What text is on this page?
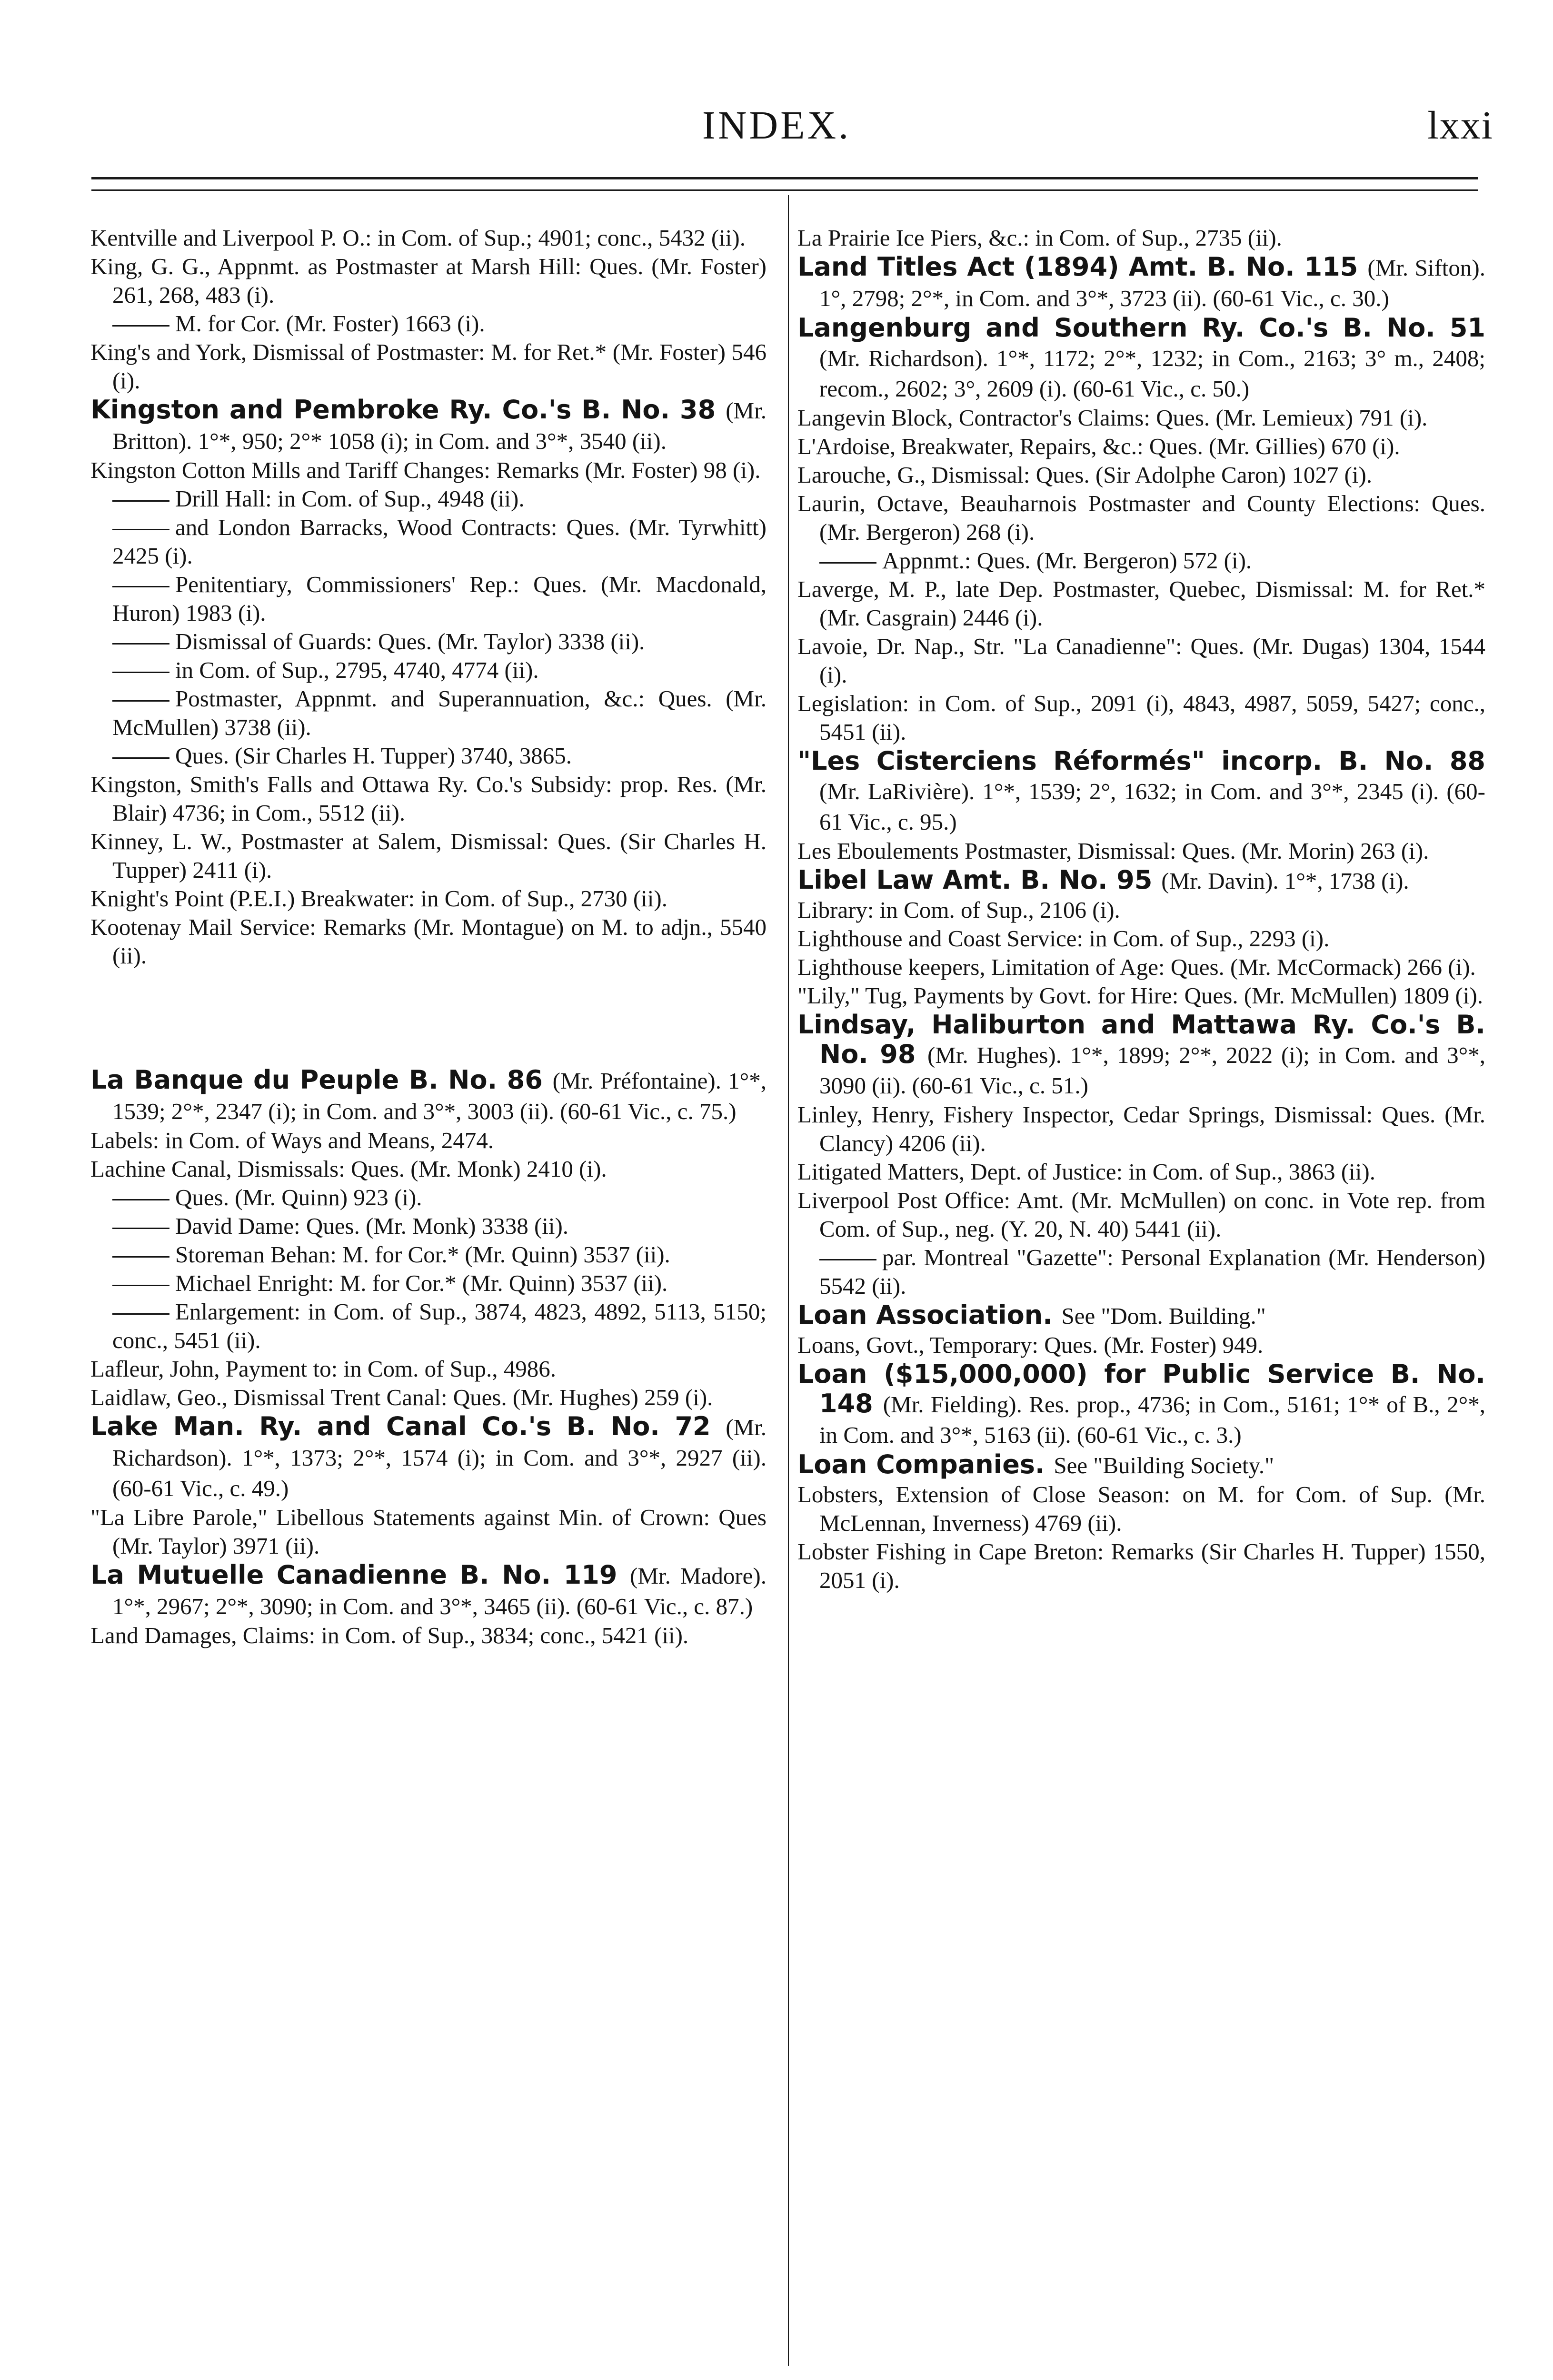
INDEX.	lxxi

Kentville and Liverpool P. O.: in Com. of Sup.; 4901; conc., 5432 (ii).

King, G. G., Appnmt. as Postmaster at Marsh Hill: Ques. (Mr. Foster) 261, 268, 483 (i).

M. for Cor. (Mr. Foster) 1663 (i).

King's and York, Dismissal of Postmaster: M. for Ret.* (Mr. Foster) 546 (i).

Kingston and Pembroke Ry. Co.'s B. No. 38 (Mr. Britton). 1°*, 950; 2°* 1058 (i); in Com. and 3°*, 3540 (ii).

Kingston Cotton Mills and Tariff Changes: Remarks (Mr. Foster) 98 (i).

Drill Hall: in Com. of Sup., 4948 (ii).

and London Barracks, Wood Contracts: Ques. (Mr. Tyrwhitt) 2425 (i).

Penitentiary, Commissioners' Rep.: Ques. (Mr. Macdonald, Huron) 1983 (i).

Dismissal of Guards: Ques. (Mr. Taylor) 3338 (ii).

in Com. of Sup., 2795, 4740, 4774 (ii).

Postmaster, Appnmt. and Superannuation, &c.: Ques. (Mr. McMullen) 3738 (ii).

Ques. (Sir Charles H. Tupper) 3740, 3865.

Kingston, Smith's Falls and Ottawa Ry. Co.'s Subsidy: prop. Res. (Mr. Blair) 4736; in Com., 5512 (ii).

Kinney, L. W., Postmaster at Salem, Dismissal: Ques. (Sir Charles H. Tupper) 2411 (i).

Knight's Point (P.E.I.) Breakwater: in Com. of Sup., 2730 (ii).

Kootenay Mail Service: Remarks (Mr. Montague) on M. to adjn., 5540 (ii).

La Banque du Peuple B. No. 86 (Mr. Préfontaine). 1°*, 1539; 2°*, 2347 (i); in Com. and 3°*, 3003 (ii). (60-61 Vic., c. 75.)

Labels: in Com. of Ways and Means, 2474.

Lachine Canal, Dismissals: Ques. (Mr. Monk) 2410 (i).

Ques. (Mr. Quinn) 923 (i).

David Dame: Ques. (Mr. Monk) 3338 (ii).

Storeman Behan: M. for Cor.* (Mr. Quinn) 3537 (ii).

Michael Enright: M. for Cor.* (Mr. Quinn) 3537 (ii).

Enlargement: in Com. of Sup., 3874, 4823, 4892, 5113, 5150; conc., 5451 (ii).

Lafleur, John, Payment to: in Com. of Sup., 4986.

Laidlaw, Geo., Dismissal Trent Canal: Ques. (Mr. Hughes) 259 (i).

Lake Man. Ry. and Canal Co.'s B. No. 72 (Mr. Richardson). 1°*, 1373; 2°*, 1574 (i); in Com. and 3°*, 2927 (ii). (60-61 Vic., c. 49.)

"La Libre Parole," Libellous Statements against Min. of Crown: Ques (Mr. Taylor) 3971 (ii).

La Mutuelle Canadienne B. No. 119 (Mr. Madore). 1°*, 2967; 2°*, 3090; in Com. and 3°*, 3465 (ii). (60-61 Vic., c. 87.)

Land Damages, Claims: in Com. of Sup., 3834; conc., 5421 (ii).

La Prairie Ice Piers, &c.: in Com. of Sup., 2735 (ii).

Land Titles Act (1894) Amt. B. No. 115 (Mr. Sifton). 1°, 2798; 2°*, in Com. and 3°*, 3723 (ii). (60-61 Vic., c. 30.)

Langenburg and Southern Ry. Co.'s B. No. 51 (Mr. Richardson). 1°*, 1172; 2°*, 1232; in Com., 2163; 3° m., 2408; recom., 2602; 3°, 2609 (i). (60-61 Vic., c. 50.)

Langevin Block, Contractor's Claims: Ques. (Mr. Lemieux) 791 (i).

L'Ardoise, Breakwater, Repairs, &c.: Ques. (Mr. Gillies) 670 (i).

Larouche, G., Dismissal: Ques. (Sir Adolphe Caron) 1027 (i).

Laurin, Octave, Beauharnois Postmaster and County Elections: Ques. (Mr. Bergeron) 268 (i).

Appnmt.: Ques. (Mr. Bergeron) 572 (i).

Laverge, M. P., late Dep. Postmaster, Quebec, Dismissal: M. for Ret.* (Mr. Casgrain) 2446 (i).

Lavoie, Dr. Nap., Str. "La Canadienne": Ques. (Mr. Dugas) 1304, 1544 (i).

Legislation: in Com. of Sup., 2091 (i), 4843, 4987, 5059, 5427; conc., 5451 (ii).

"Les Cisterciens Réformés" incorp. B. No. 88 (Mr. LaRivière). 1°*, 1539; 2°, 1632; in Com. and 3°*, 2345 (i). (60-61 Vic., c. 95.)

Les Eboulements Postmaster, Dismissal: Ques. (Mr. Morin) 263 (i).

Libel Law Amt. B. No. 95 (Mr. Davin). 1°*, 1738 (i).

Library: in Com. of Sup., 2106 (i).

Lighthouse and Coast Service: in Com. of Sup., 2293 (i).

Lighthouse keepers, Limitation of Age: Ques. (Mr. McCormack) 266 (i).

"Lily," Tug, Payments by Govt. for Hire: Ques. (Mr. McMullen) 1809 (i).

Lindsay, Haliburton and Mattawa Ry. Co.'s B. No. 98 (Mr. Hughes). 1°*, 1899; 2°*, 2022 (i); in Com. and 3°*, 3090 (ii). (60-61 Vic., c. 51.)

Linley, Henry, Fishery Inspector, Cedar Springs, Dismissal: Ques. (Mr. Clancy) 4206 (ii).

Litigated Matters, Dept. of Justice: in Com. of Sup., 3863 (ii).

Liverpool Post Office: Amt. (Mr. McMullen) on conc. in Vote rep. from Com. of Sup., neg. (Y. 20, N. 40) 5441 (ii).

par. Montreal "Gazette": Personal Explanation (Mr. Henderson) 5542 (ii).

Loan Association. See "Dom. Building."

Loans, Govt., Temporary: Ques. (Mr. Foster) 949.

Loan ($15,000,000) for Public Service B. No. 148 (Mr. Fielding). Res. prop., 4736; in Com., 5161; 1°* of B., 2°*, in Com. and 3°*, 5163 (ii). (60-61 Vic., c. 3.)

Loan Companies. See "Building Society."

Lobsters, Extension of Close Season: on M. for Com. of Sup. (Mr. McLennan, Inverness) 4769 (ii).

Lobster Fishing in Cape Breton: Remarks (Sir Charles H. Tupper) 1550, 2051 (i).
